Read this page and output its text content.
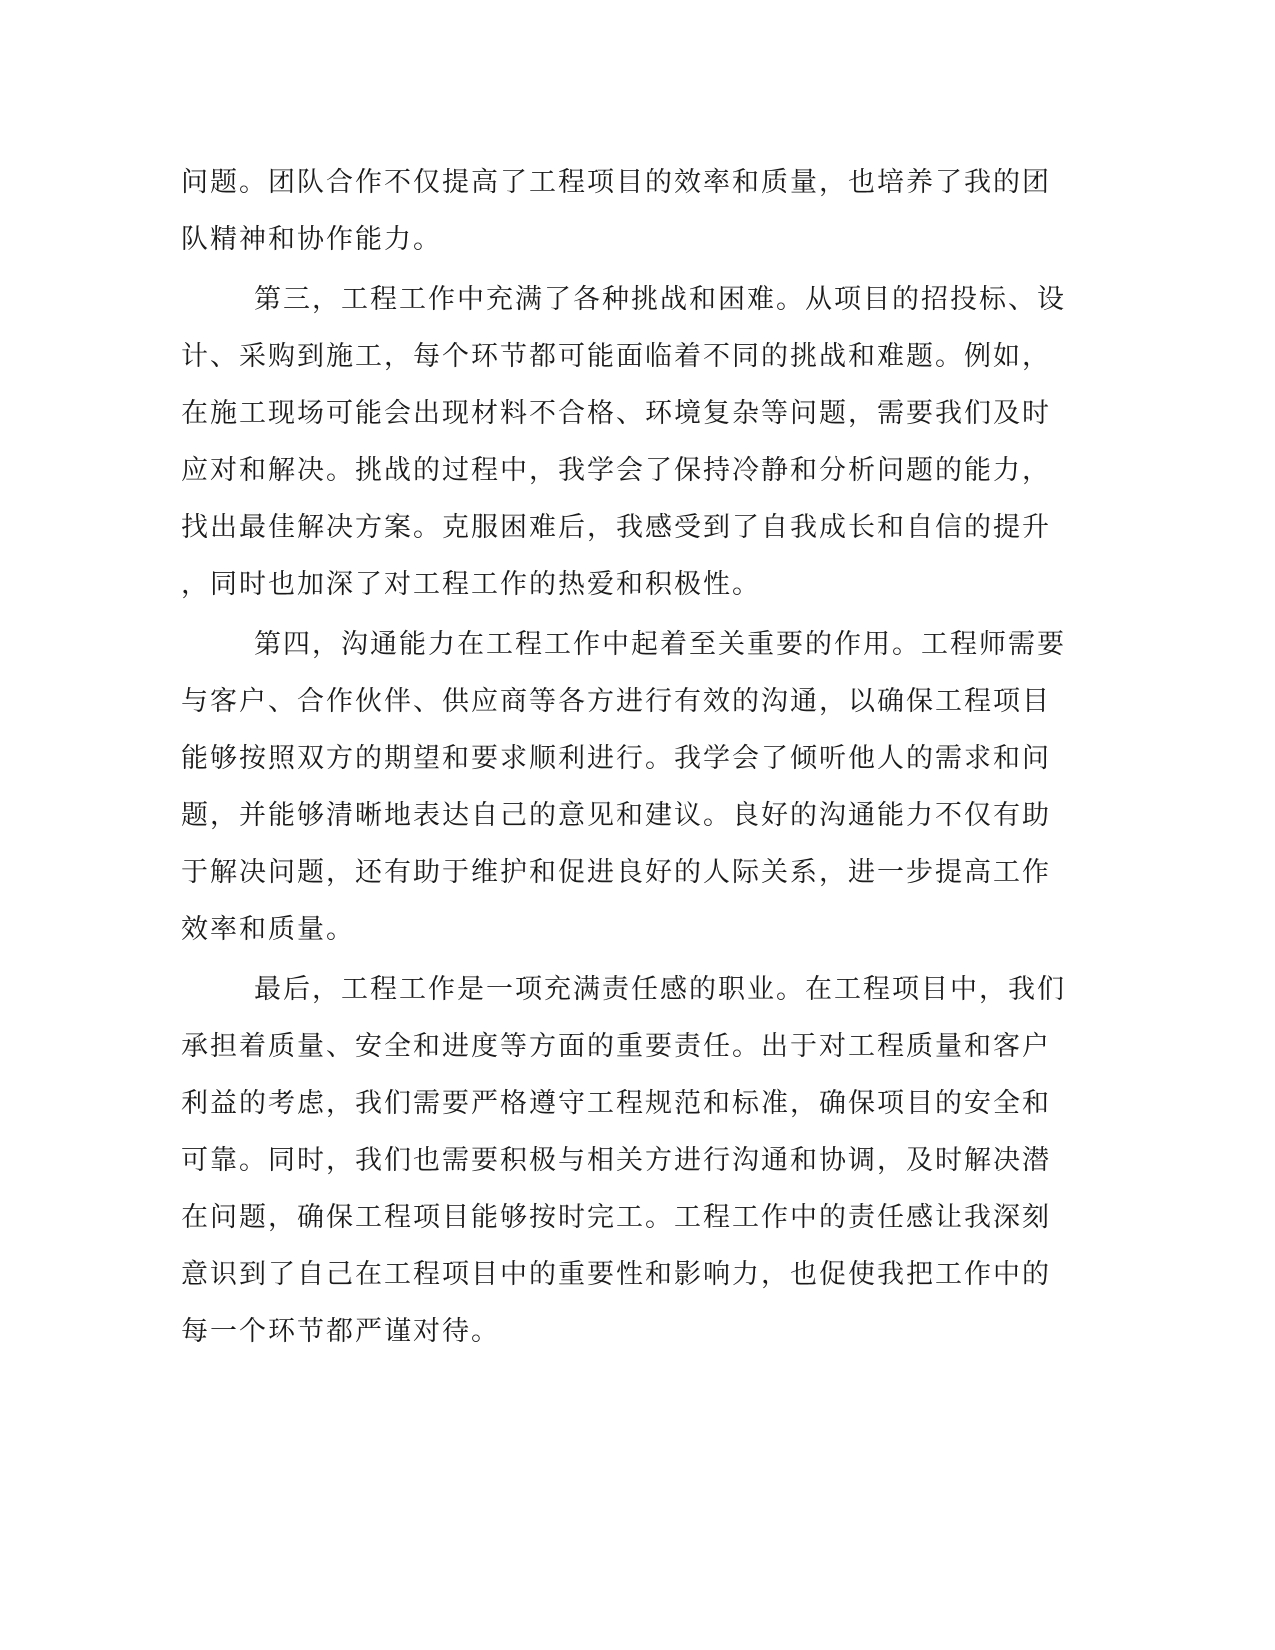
问题。团队合作不仅提高了工程项目的效率和质量，也培养了我的团
队精神和协作能力。
第三，工程工作中充满了各种挑战和困难。从项目的招投标、设
计、采购到施工，每个环节都可能面临着不同的挑战和难题。例如，
在施工现场可能会出现材料不合格、环境复杂等问题，需要我们及时
应对和解决。挑战的过程中，我学会了保持冷静和分析问题的能力，
找出最佳解决方案。克服困难后，我感受到了自我成长和自信的提升
，同时也加深了对工程工作的热爱和积极性。
第四，沟通能力在工程工作中起着至关重要的作用。工程师需要
与客户、合作伙伴、供应商等各方进行有效的沟通，以确保工程项目
能够按照双方的期望和要求顺利进行。我学会了倾听他人的需求和问
题，并能够清晰地表达自己的意见和建议。良好的沟通能力不仅有助
于解决问题，还有助于维护和促进良好的人际关系，进一步提高工作
效率和质量。
最后，工程工作是一项充满责任感的职业。在工程项目中，我们
承担着质量、安全和进度等方面的重要责任。出于对工程质量和客户
利益的考虑，我们需要严格遵守工程规范和标准，确保项目的安全和
可靠。同时，我们也需要积极与相关方进行沟通和协调，及时解决潜
在问题，确保工程项目能够按时完工。工程工作中的责任感让我深刻
意识到了自己在工程项目中的重要性和影响力，也促使我把工作中的
每一个环节都严谨对待。
